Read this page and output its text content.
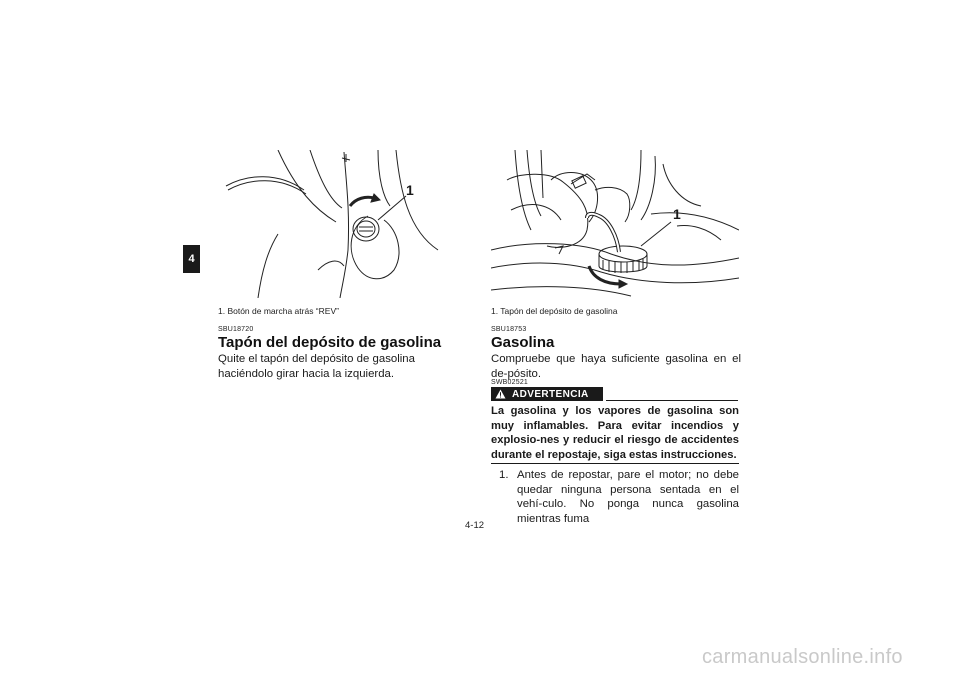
4
1
1. Botón de marcha atrás “REV”
SBU18720
Tapón del depósito de gasolina
Quite el tapón del depósito de gasolina haciéndolo girar hacia la izquierda.
1
1. Tapón del depósito de gasolina
SBU18753
Gasolina
Compruebe que haya suficiente gasolina en el de-pósito.
SWB02521
ADVERTENCIA
La gasolina y los vapores de gasolina son muy inflamables. Para evitar incendios y explosio-nes y reducir el riesgo de accidentes durante el repostaje, siga estas instrucciones.
1. Antes de repostar, pare el motor; no debe quedar ninguna persona sentada en el vehí-culo. No ponga nunca gasolina mientras fuma
4-12
carmanualsonline.info
